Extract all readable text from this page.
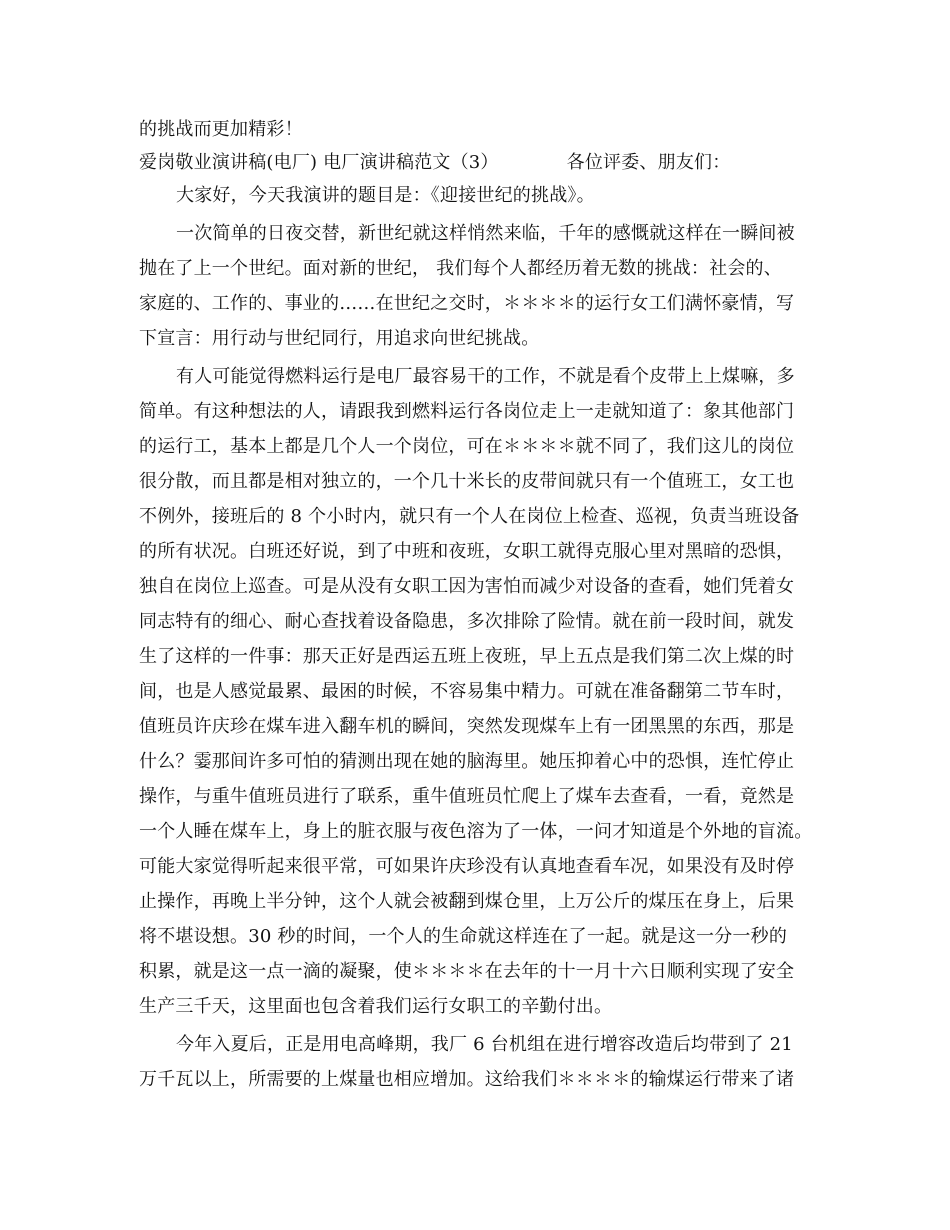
的挑战而更加精彩！

爱岗敬业演讲稿(电厂) 电厂演讲稿范文（3）	各位评委、朋友们：

大家好，今天我演讲的题目是：《迎接世纪的挑战》。

一次简单的日夜交替，新世纪就这样悄然来临，千年的感慨就这样在一瞬间被

抛在了上一个世纪。面对新的世纪， 我们每个人都经历着无数的挑战：社会的、

家庭的、工作的、事业的……在世纪之交时，＊＊＊＊的运行女工们满怀豪情，写

下宣言：用行动与世纪同行，用追求向世纪挑战。

有人可能觉得燃料运行是电厂最容易干的工作，不就是看个皮带上上煤嘛，多

简单。有这种想法的人，请跟我到燃料运行各岗位走上一走就知道了：象其他部门

的运行工，基本上都是几个人一个岗位，可在＊＊＊＊就不同了，我们这儿的岗位

很分散，而且都是相对独立的，一个几十米长的皮带间就只有一个值班工，女工也

不例外，接班后的 8 个小时内，就只有一个人在岗位上检查、巡视，负责当班设备

的所有状况。白班还好说，到了中班和夜班，女职工就得克服心里对黑暗的恐惧，

独自在岗位上巡查。可是从没有女职工因为害怕而减少对设备的查看，她们凭着女

同志特有的细心、耐心查找着设备隐患，多次排除了险情。就在前一段时间，就发

生了这样的一件事：那天正好是西运五班上夜班，早上五点是我们第二次上煤的时

间，也是人感觉最累、最困的时候，不容易集中精力。可就在准备翻第二节车时，

值班员许庆珍在煤车进入翻车机的瞬间，突然发现煤车上有一团黑黑的东西，那是

什么？霎那间许多可怕的猜测出现在她的脑海里。她压抑着心中的恐惧，连忙停止

操作，与重牛值班员进行了联系，重牛值班员忙爬上了煤车去查看，一看，竟然是

一个人睡在煤车上，身上的脏衣服与夜色溶为了一体，一问才知道是个外地的盲流。

可能大家觉得听起来很平常，可如果许庆珍没有认真地查看车况，如果没有及时停

止操作，再晚上半分钟，这个人就会被翻到煤仓里，上万公斤的煤压在身上，后果

将不堪设想。30 秒的时间，一个人的生命就这样连在了一起。就是这一分一秒的

积累，就是这一点一滴的凝聚，使＊＊＊＊在去年的十一月十六日顺利实现了安全

生产三千天，这里面也包含着我们运行女职工的辛勤付出。

今年入夏后，正是用电高峰期，我厂 6 台机组在进行增容改造后均带到了 21

万千瓦以上，所需要的上煤量也相应增加。这给我们＊＊＊＊的输煤运行带来了诸
